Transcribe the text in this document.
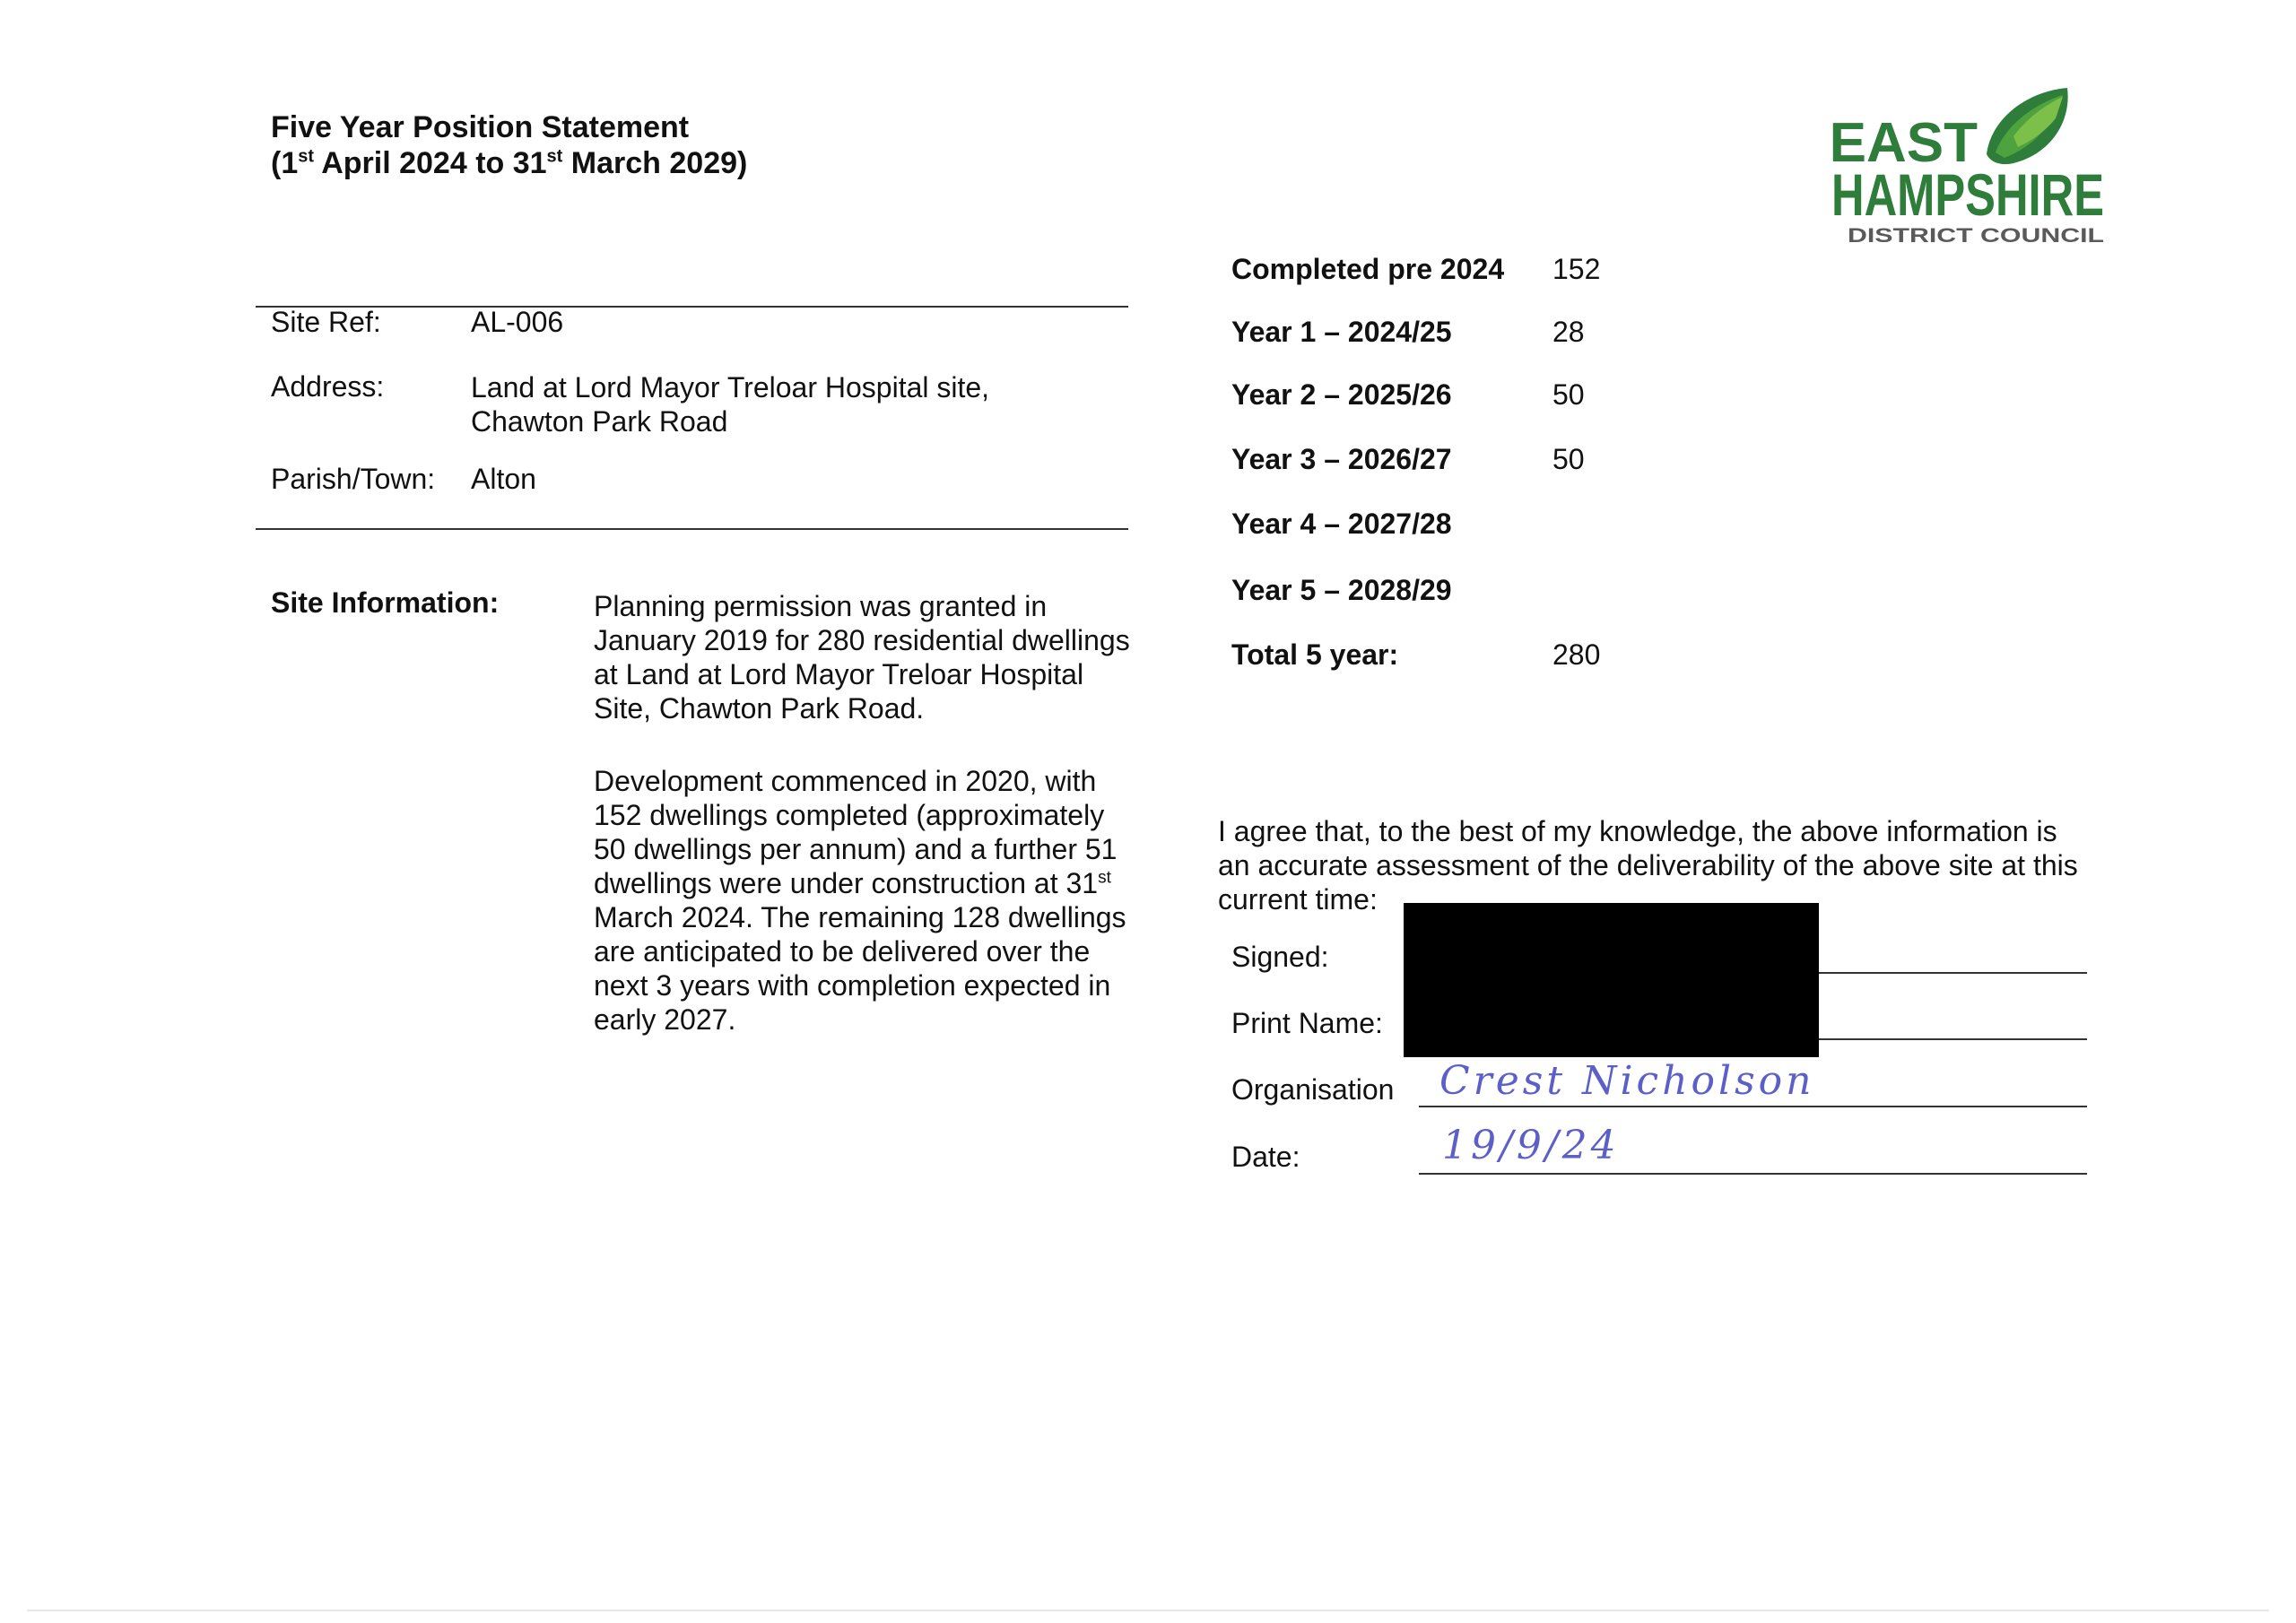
Five Year Position Statement
(1st April 2024 to 31st March 2029)	EAST
HAMPSHIRE
DISTRICT COUNCIL
Site Ref:	AL-006
Address:	Land at Lord Mayor Treloar Hospital site,
Chawton Park Road
Parish/Town: Alton
Site Information:	Planning permission was granted in January 2019 for 280 residential dwellings at Land at Lord Mayor Treloar Hospital Site, Chawton Park Road.
Development commenced in 2020, with 152 dwellings completed (approximately 50 dwellings per annum) and a further 51 dwellings were under construction at 31st March 2024. The remaining 128 dwellings are anticipated to be delivered over the next 3 years with completion expected in early 2027.
Completed pre 2024 152
Year 1 – 2024/25	28
Year 2 – 2025/26	50
Year 3 – 2026/27	50
Year 4 – 2027/28
Year 5 – 2028/29
Total 5 year:	280
I agree that, to the best of my knowledge, the above information is an accurate assessment of the deliverability of the above site at this current time:
Signed:
Print Name:
Organisation Crest Nicholson
Date:	19/9/24
